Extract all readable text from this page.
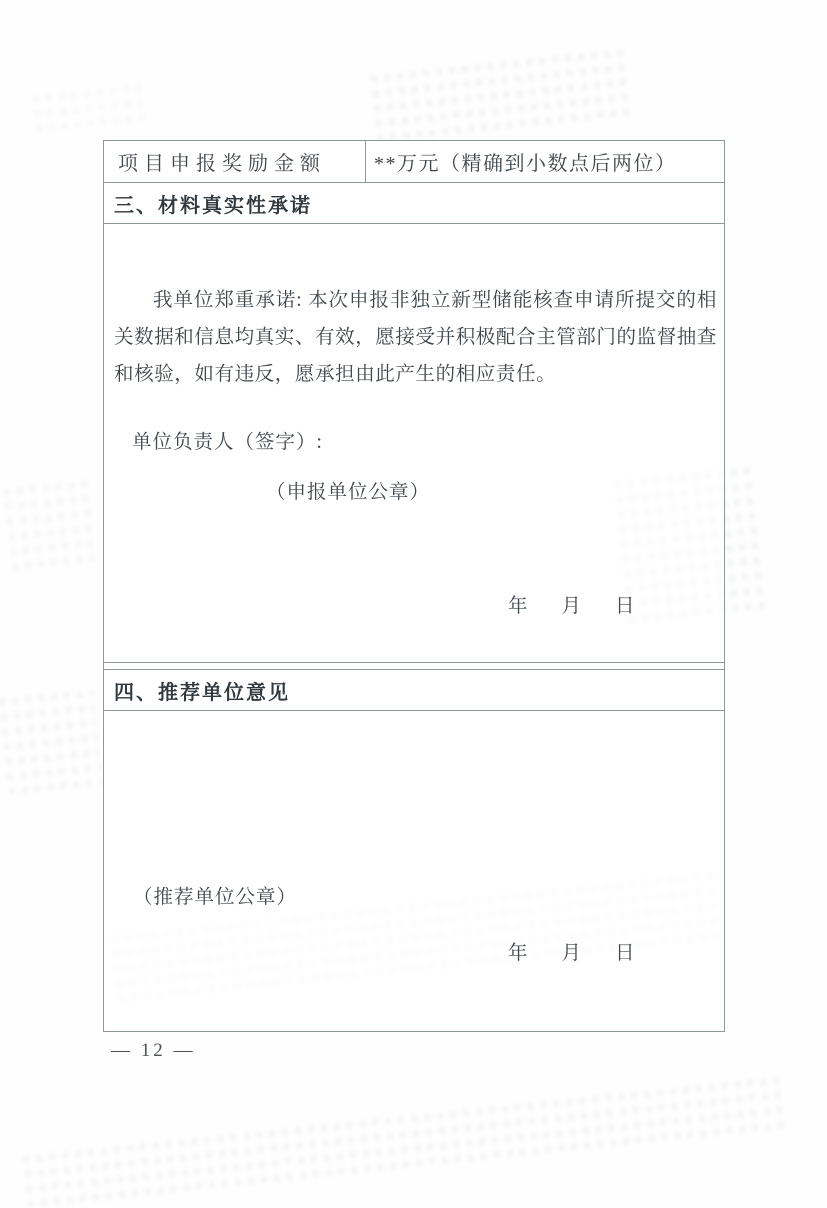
项目申报奖励金额	**万元（精确到小数点后两位）
三、材料真实性承诺
我单位郑重承诺: 本次申报非独立新型储能核查申请所提交的相关数据和信息均真实、有效，愿接受并积极配合主管部门的监督抽查和核验，如有违反，愿承担由此产生的相应责任。
单位负责人（签字）:
（申报单位公章）
年 月 日
四、推荐单位意见
（推荐单位公章）
年 月 日
— 12 —
